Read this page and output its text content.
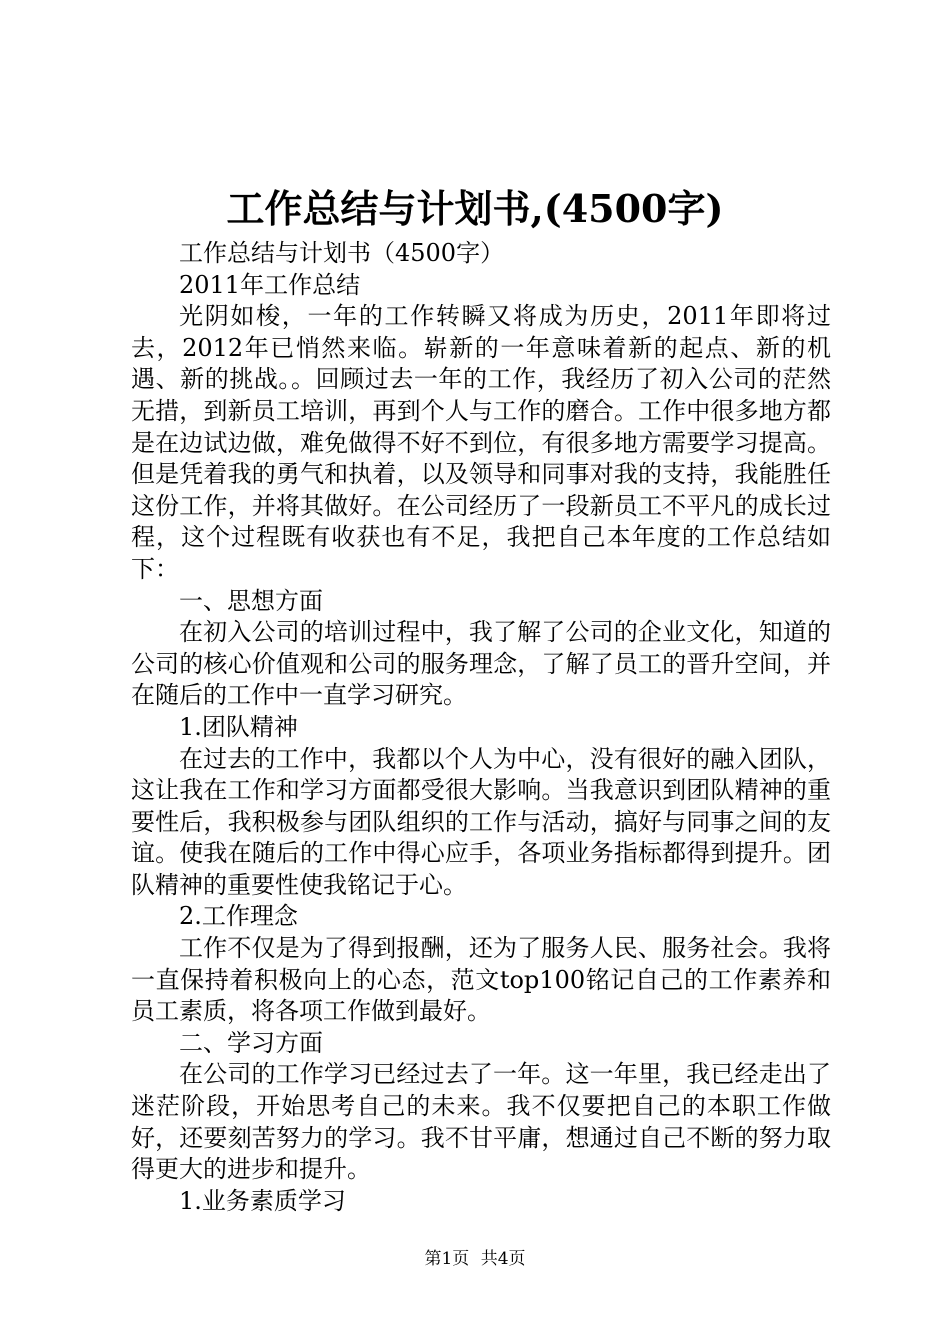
工作总结与计划书,(4500字)

工作总结与计划书（4500字）

2011年工作总结

光阴如梭，一年的工作转瞬又将成为历史，2011年即将过去，2012年已悄然来临。崭新的一年意味着新的起点、新的机遇、新的挑战。。回顾过去一年的工作，我经历了初入公司的茫然无措，到新员工培训，再到个人与工作的磨合。工作中很多地方都是在边试边做，难免做得不好不到位，有很多地方需要学习提高。但是凭着我的勇气和执着，以及领导和同事对我的支持，我能胜任这份工作，并将其做好。在公司经历了一段新员工不平凡的成长过程，这个过程既有收获也有不足，我把自己本年度的工作总结如下：

一、思想方面

在初入公司的培训过程中，我了解了公司的企业文化，知道的公司的核心价值观和公司的服务理念，了解了员工的晋升空间，并在随后的工作中一直学习研究。

1.团队精神

在过去的工作中，我都以个人为中心，没有很好的融入团队，这让我在工作和学习方面都受很大影响。当我意识到团队精神的重要性后，我积极参与团队组织的工作与活动，搞好与同事之间的友谊。使我在随后的工作中得心应手，各项业务指标都得到提升。团队精神的重要性使我铭记于心。

2.工作理念

工作不仅是为了得到报酬，还为了服务人民、服务社会。我将一直保持着积极向上的心态，范文top100铭记自己的工作素养和员工素质，将各项工作做到最好。

二、学习方面

在公司的工作学习已经过去了一年。这一年里，我已经走出了迷茫阶段，开始思考自己的未来。我不仅要把自己的本职工作做好，还要刻苦努力的学习。我不甘平庸，想通过自己不断的努力取得更大的进步和提升。

1.业务素质学习

第1页 共4页
